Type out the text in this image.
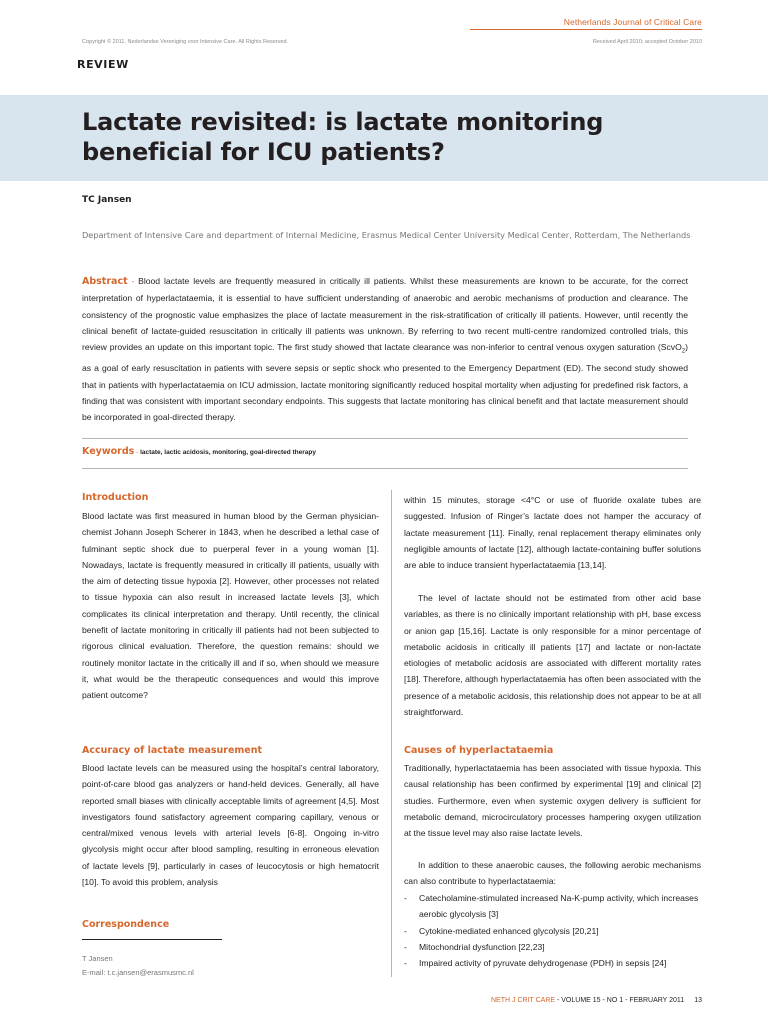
Netherlands Journal of Critical Care
Copyright © 2011, Nederlandse Vereniging voor Intensive Care. All Rights Reserved.	Received April 2010; accepted October 2010
REVIEW
Lactate revisited: is lactate monitoring beneficial for ICU patients?
TC Jansen
Department of Intensive Care and department of Internal Medicine, Erasmus Medical Center University Medical Center, Rotterdam, The Netherlands
Abstract - Blood lactate levels are frequently measured in critically ill patients. Whilst these measurements are known to be accurate, for the correct interpretation of hyperlactataemia, it is essential to have sufficient understanding of anaerobic and aerobic mechanisms of production and clearance. The consistency of the prognostic value emphasizes the place of lactate measurement in the risk-stratification of critically ill patients. However, until recently the clinical benefit of lactate-guided resuscitation in critically ill patients was unknown. By referring to two recent multi-centre randomized controlled trials, this review provides an update on this important topic. The first study showed that lactate clearance was non-inferior to central venous oxygen saturation (ScvO$_2$) as a goal of early resuscitation in patients with severe sepsis or septic shock who presented to the Emergency Department (ED). The second study showed that in patients with hyperlactataemia on ICU admission, lactate monitoring significantly reduced hospital mortality when adjusting for predefined risk factors, a finding that was consistent with important secondary endpoints. This suggests that lactate monitoring has clinical benefit and that lactate measurement should be incorporated in goal-directed therapy.
Keywords - lactate, lactic acidosis, monitoring, goal-directed therapy
Introduction

Blood lactate was first measured in human blood by the German physician-chemist Johann Joseph Scherer in 1843, when he described a lethal case of fulminant septic shock due to puerperal fever in a young woman [1]. Nowadays, lactate is frequently measured in critically ill patients, usually with the aim of detecting tissue hypoxia [2]. However, other processes not related to tissue hypoxia can also result in increased lactate levels [3], which complicates its clinical interpretation and therapy. Until recently, the clinical benefit of lactate monitoring in critically ill patients had not been subjected to rigorous clinical evaluation. Therefore, the question remains: should we routinely monitor lactate in the critically ill and if so, when should we measure it, what would be the therapeutic consequences and would this improve patient outcome?

Accuracy of lactate measurement

Blood lactate levels can be measured using the hospital’s central laboratory, point-of-care blood gas analyzers or hand-held devices. Generally, all have reported small biases with clinically acceptable limits of agreement [4,5]. Most investigators found satisfactory agreement comparing capillary, venous or central/mixed venous levels with arterial levels [6-8]. Ongoing in-vitro glycolysis might occur after blood sampling, resulting in erroneous elevation of lactate levels [9], particularly in cases of leucocytosis or high hematocrit [10]. To avoid this problem, analysis

Correspondence
T Jansen
E-mail: t.c.jansen@erasmusmc.nl

within 15 minutes, storage <4°C or use of fluoride oxalate tubes are suggested. Infusion of Ringer’s lactate does not hamper the accuracy of lactate measurement [11]. Finally, renal replacement therapy eliminates only negligible amounts of lactate [12], although lactate-containing buffer solutions are able to induce transient hyperlactataemia [13,14].

The level of lactate should not be estimated from other acid base variables, as there is no clinically important relationship with pH, base excess or anion gap [15,16]. Lactate is only responsible for a minor percentage of metabolic acidosis in critically ill patients [17] and lactate or non-lactate etiologies of metabolic acidosis are associated with different mortality rates [18]. Therefore, although hyperlactataemia has often been associated with the presence of a metabolic acidosis, this relationship does not appear to be at all straightforward.

Causes of hyperlactataemia

Traditionally, hyperlactataemia has been associated with tissue hypoxia. This causal relationship has been confirmed by experimental [19] and clinical [2] studies. Furthermore, even when systemic oxygen delivery is sufficient for metabolic demand, microcirculatory processes hampering oxygen utilization at the tissue level may also raise lactate levels.

In addition to these anaerobic causes, the following aerobic mechanisms can also contribute to hyperlactataemia:

- Catecholamine-stimulated increased Na-K-pump activity, which increases aerobic glycolysis [3]
- Cytokine-mediated enhanced glycolysis [20,21]
- Mitochondrial dysfunction [22,23]
- Impaired activity of pyruvate dehydrogenase (PDH) in sepsis [24]
NETH J CRIT CARE - VOLUME 15 - NO 1 - FEBRUARY 2011 13
